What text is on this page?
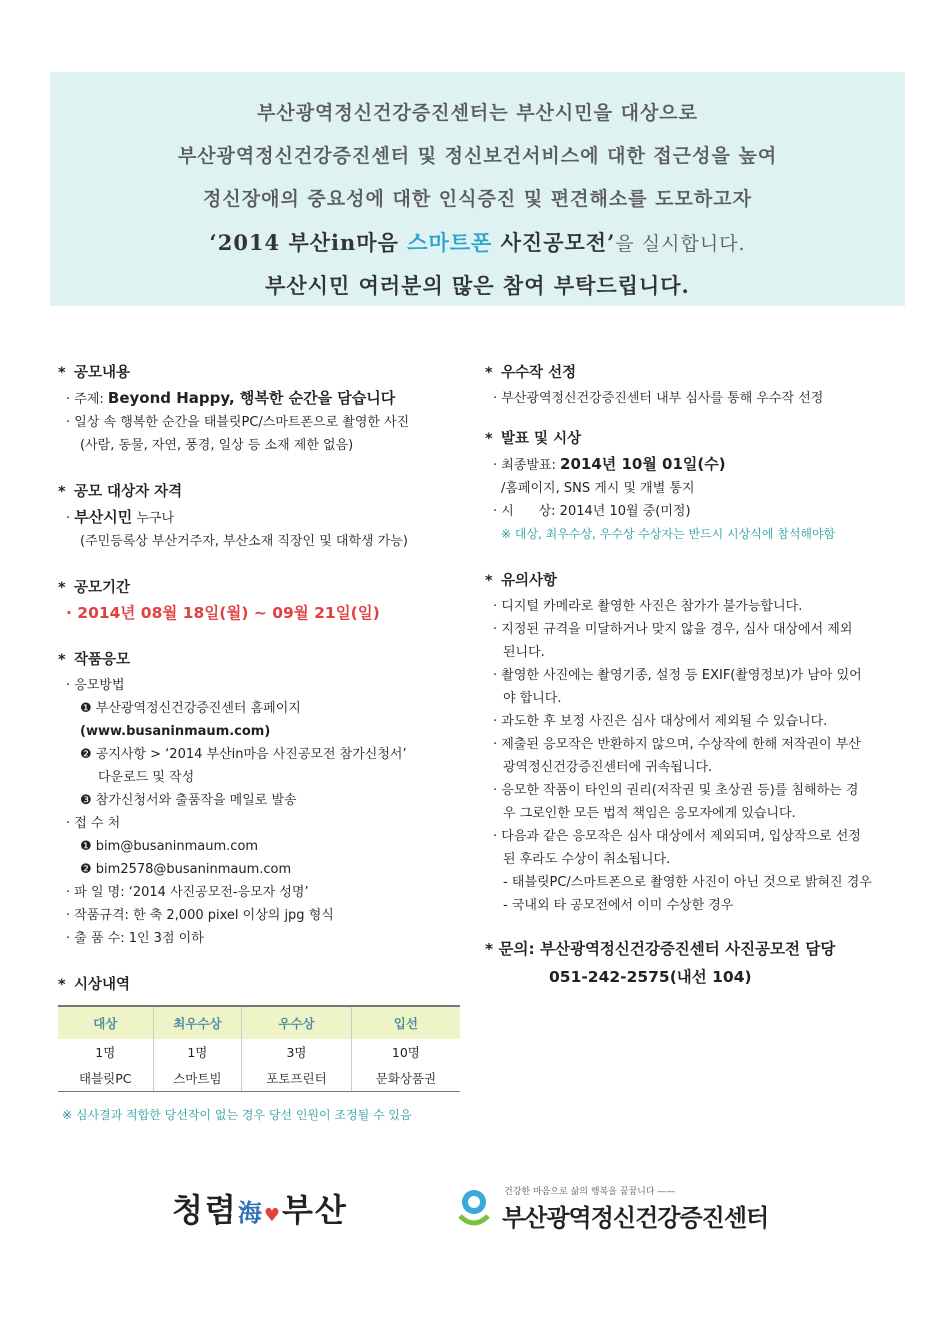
부산광역정신건강증진센터는 부산시민을 대상으로
부산광역정신건강증진센터 및 정신보건서비스에 대한 접근성을 높여
정신장애의 중요성에 대한 인식증진 및 편견해소를 도모하고자
‘2014 부산in마음 스마트폰 사진공모전’을 실시합니다.
부산시민 여러분의 많은 참여 부탁드립니다.
* 공모내용
· 주제: Beyond Happy, 행복한 순간을 담습니다
· 일상 속 행복한 순간을 태블릿PC/스마트폰으로 촬영한 사진
(사람, 동물, 자연, 풍경, 일상 등 소재 제한 없음)
* 공모 대상자 자격
· 부산시민 누구나
(주민등록상 부산거주자, 부산소재 직장인 및 대학생 가능)
* 공모기간
· 2014년 08월 18일(월) ~ 09월 21일(일)
* 작품응모
· 응모방법
❶ 부산광역정신건강증진센터 홈페이지(www.busaninmaum.com)
❷ 공지사항 > ‘2014 부산in마음 사진공모전 참가신청서’
다운로드 및 작성
❸ 참가신청서와 출품작을 메일로 발송
· 접 수 처
❶ bim@busaninmaum.com
❷ bim2578@busaninmaum.com
· 파 일 명: ‘2014 사진공모전-응모자 성명’
· 작품규격: 한 축 2,000 pixel 이상의 jpg 형식
· 출 품 수: 1인 3점 이하
* 시상내역
대상	최우수상	우수상	입선
1명	1명	3명	10명
태블릿PC	스마트빔	포토프린터	문화상품권
※ 심사결과 적합한 당선작이 없는 경우 당선 인원이 조정될 수 있음
* 우수작 선정
· 부산광역정신건강증진센터 내부 심사를 통해 우수작 선정
* 발표 및 시상
· 최종발표: 2014년 10월 01일(수)
/홈페이지, SNS 게시 및 개별 통지
· 시      상: 2014년 10월 중(미정)
※ 대상, 최우수상, 우수상 수상자는 반드시 시상식에 참석해야함
* 유의사항
· 디지털 카메라로 촬영한 사진은 참가가 불가능합니다.
· 지정된 규격을 미달하거나 맞지 않을 경우, 심사 대상에서 제외
된니다.
· 촬영한 사진에는 촬영기종, 설정 등 EXIF(촬영정보)가 남아 있어
야 합니다.
· 과도한 후 보정 사진은 심사 대상에서 제외될 수 있습니다.
· 제출된 응모작은 반환하지 않으며, 수상작에 한해 저작권이 부산
광역정신건강증진센터에 귀속됩니다.
· 응모한 작품이 타인의 권리(저작권 및 초상권 등)를 침해하는 경
우 그로인한 모든 법적 책임은 응모자에게 있습니다.
· 다음과 같은 응모작은 심사 대상에서 제외되며, 입상작으로 선정
된 후라도 수상이 취소됩니다.
- 태블릿PC/스마트폰으로 촬영한 사진이 아닌 것으로 밝혀진 경우
- 국내외 타 공모전에서 이미 수상한 경우
* 문의: 부산광역정신건강증진센터 사진공모전 담당
051-242-2575(내선 104)
청렴海♥부산	건강한 마음으로 삶의 행복을 꿈꿉니다 ——
부산광역정신건강증진센터
